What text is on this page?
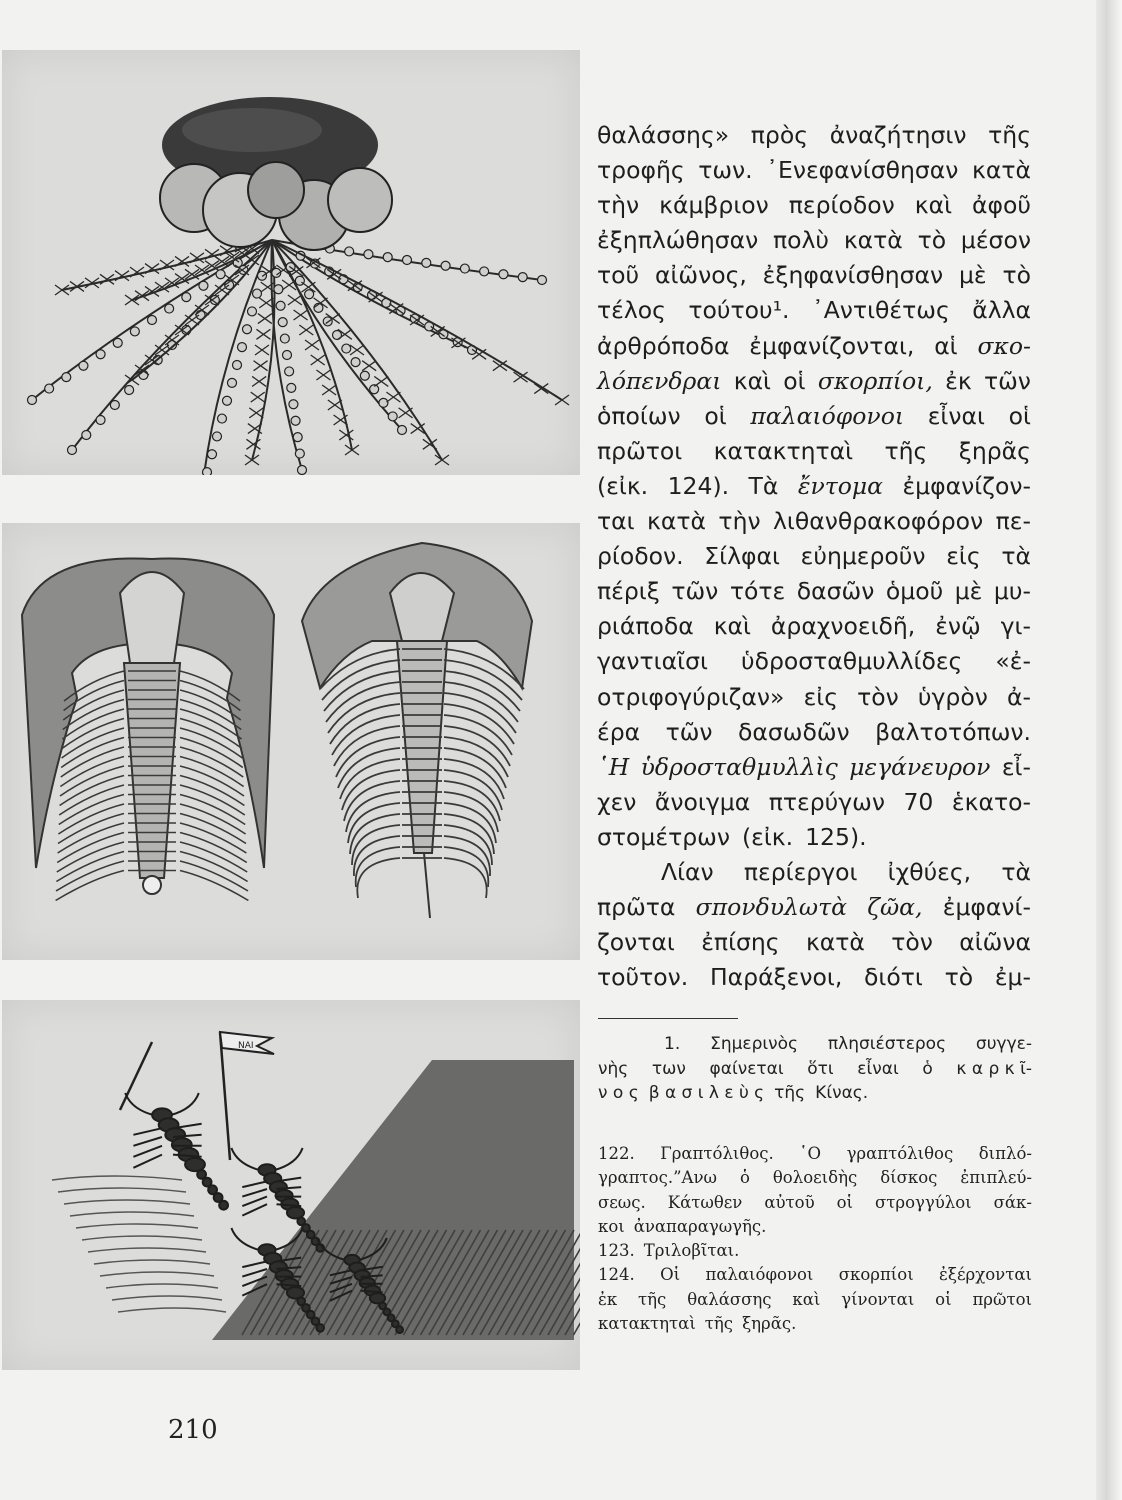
ΝΑΙ
θαλάσσης» πρὸς ἀναζήτησιν τῆς
τροφῆς των. ᾿Ενεφανίσθησαν κατὰ
τὴν κάμβριον περίοδον καὶ ἀφοῦ
ἐξηπλώθησαν πολὺ κατὰ τὸ μέσον
τοῦ αἰῶνος, ἐξηφανίσθησαν μὲ τὸ
τέλος τούτου¹. ᾿Αντιθέτως ἄλλα
ἀρθρόποδα ἐμφανίζονται, αἱ σκο-
λόπενδραι καὶ οἱ σκορπίοι, ἐκ τῶν
ὁποίων οἱ παλαιόφονοι εἶναι οἱ
πρῶτοι κατακτηταὶ τῆς ξηρᾶς
(εἰκ. 124). Τὰ ἔντομα ἐμφανίζον-
ται κατὰ τὴν λιθανθρακοφόρον πε-
ρίοδον. Σίλφαι εὐημεροῦν εἰς τὰ
πέριξ τῶν τότε δασῶν ὁμοῦ μὲ μυ-
ριάποδα καὶ ἀραχνοειδῆ, ἐνῷ γι-
γαντιαῖσι ὑδροσταθμυλλίδες «ἐ-
οτριφογύριζαν» εἰς τὸν ὑγρὸν ἀ-
έρα τῶν δασωδῶν βαλτοτόπων.
῾Η ὑδροσταθμυλλὶς μεγάνευρον εἶ-
χεν ἄνοιγμα πτερύγων 70 ἑκατο-
στομέτρων (εἰκ. 125).
Λίαν περίεργοι ἰχθύες, τὰ
πρῶτα σπονδυλωτὰ ζῶα, ἐμφανί-
ζονται ἐπίσης κατὰ τὸν αἰῶνα
τοῦτον. Παράξενοι, διότι τὸ ἐμ-
1. Σημερινὸς πλησιέστερος συγγε-
νὴς των φαίνεται ὅτι εἶναι ὁ κ α ρ κ ῖ-
ν ο ς β α σ ι λ ε ὺ ς τῆς Κίνας.
122. Γραπτόλιθος. ῾Ο γραπτόλιθος διπλό-
γραπτος.”Ανω ὁ θολοειδὴς δίσκος ἐπιπλεύ-
σεως. Κάτωθεν αὐτοῦ οἱ στρογγύλοι σάκ-
κοι ἀναπαραγωγῆς.
123. Τριλοβῖται.
124. Οἱ παλαιόφονοι σκορπίοι ἐξέρχονται
ἐκ τῆς θαλάσσης καὶ γίνονται οἱ πρῶτοι
κατακτηταὶ τῆς ξηρᾶς.
210
